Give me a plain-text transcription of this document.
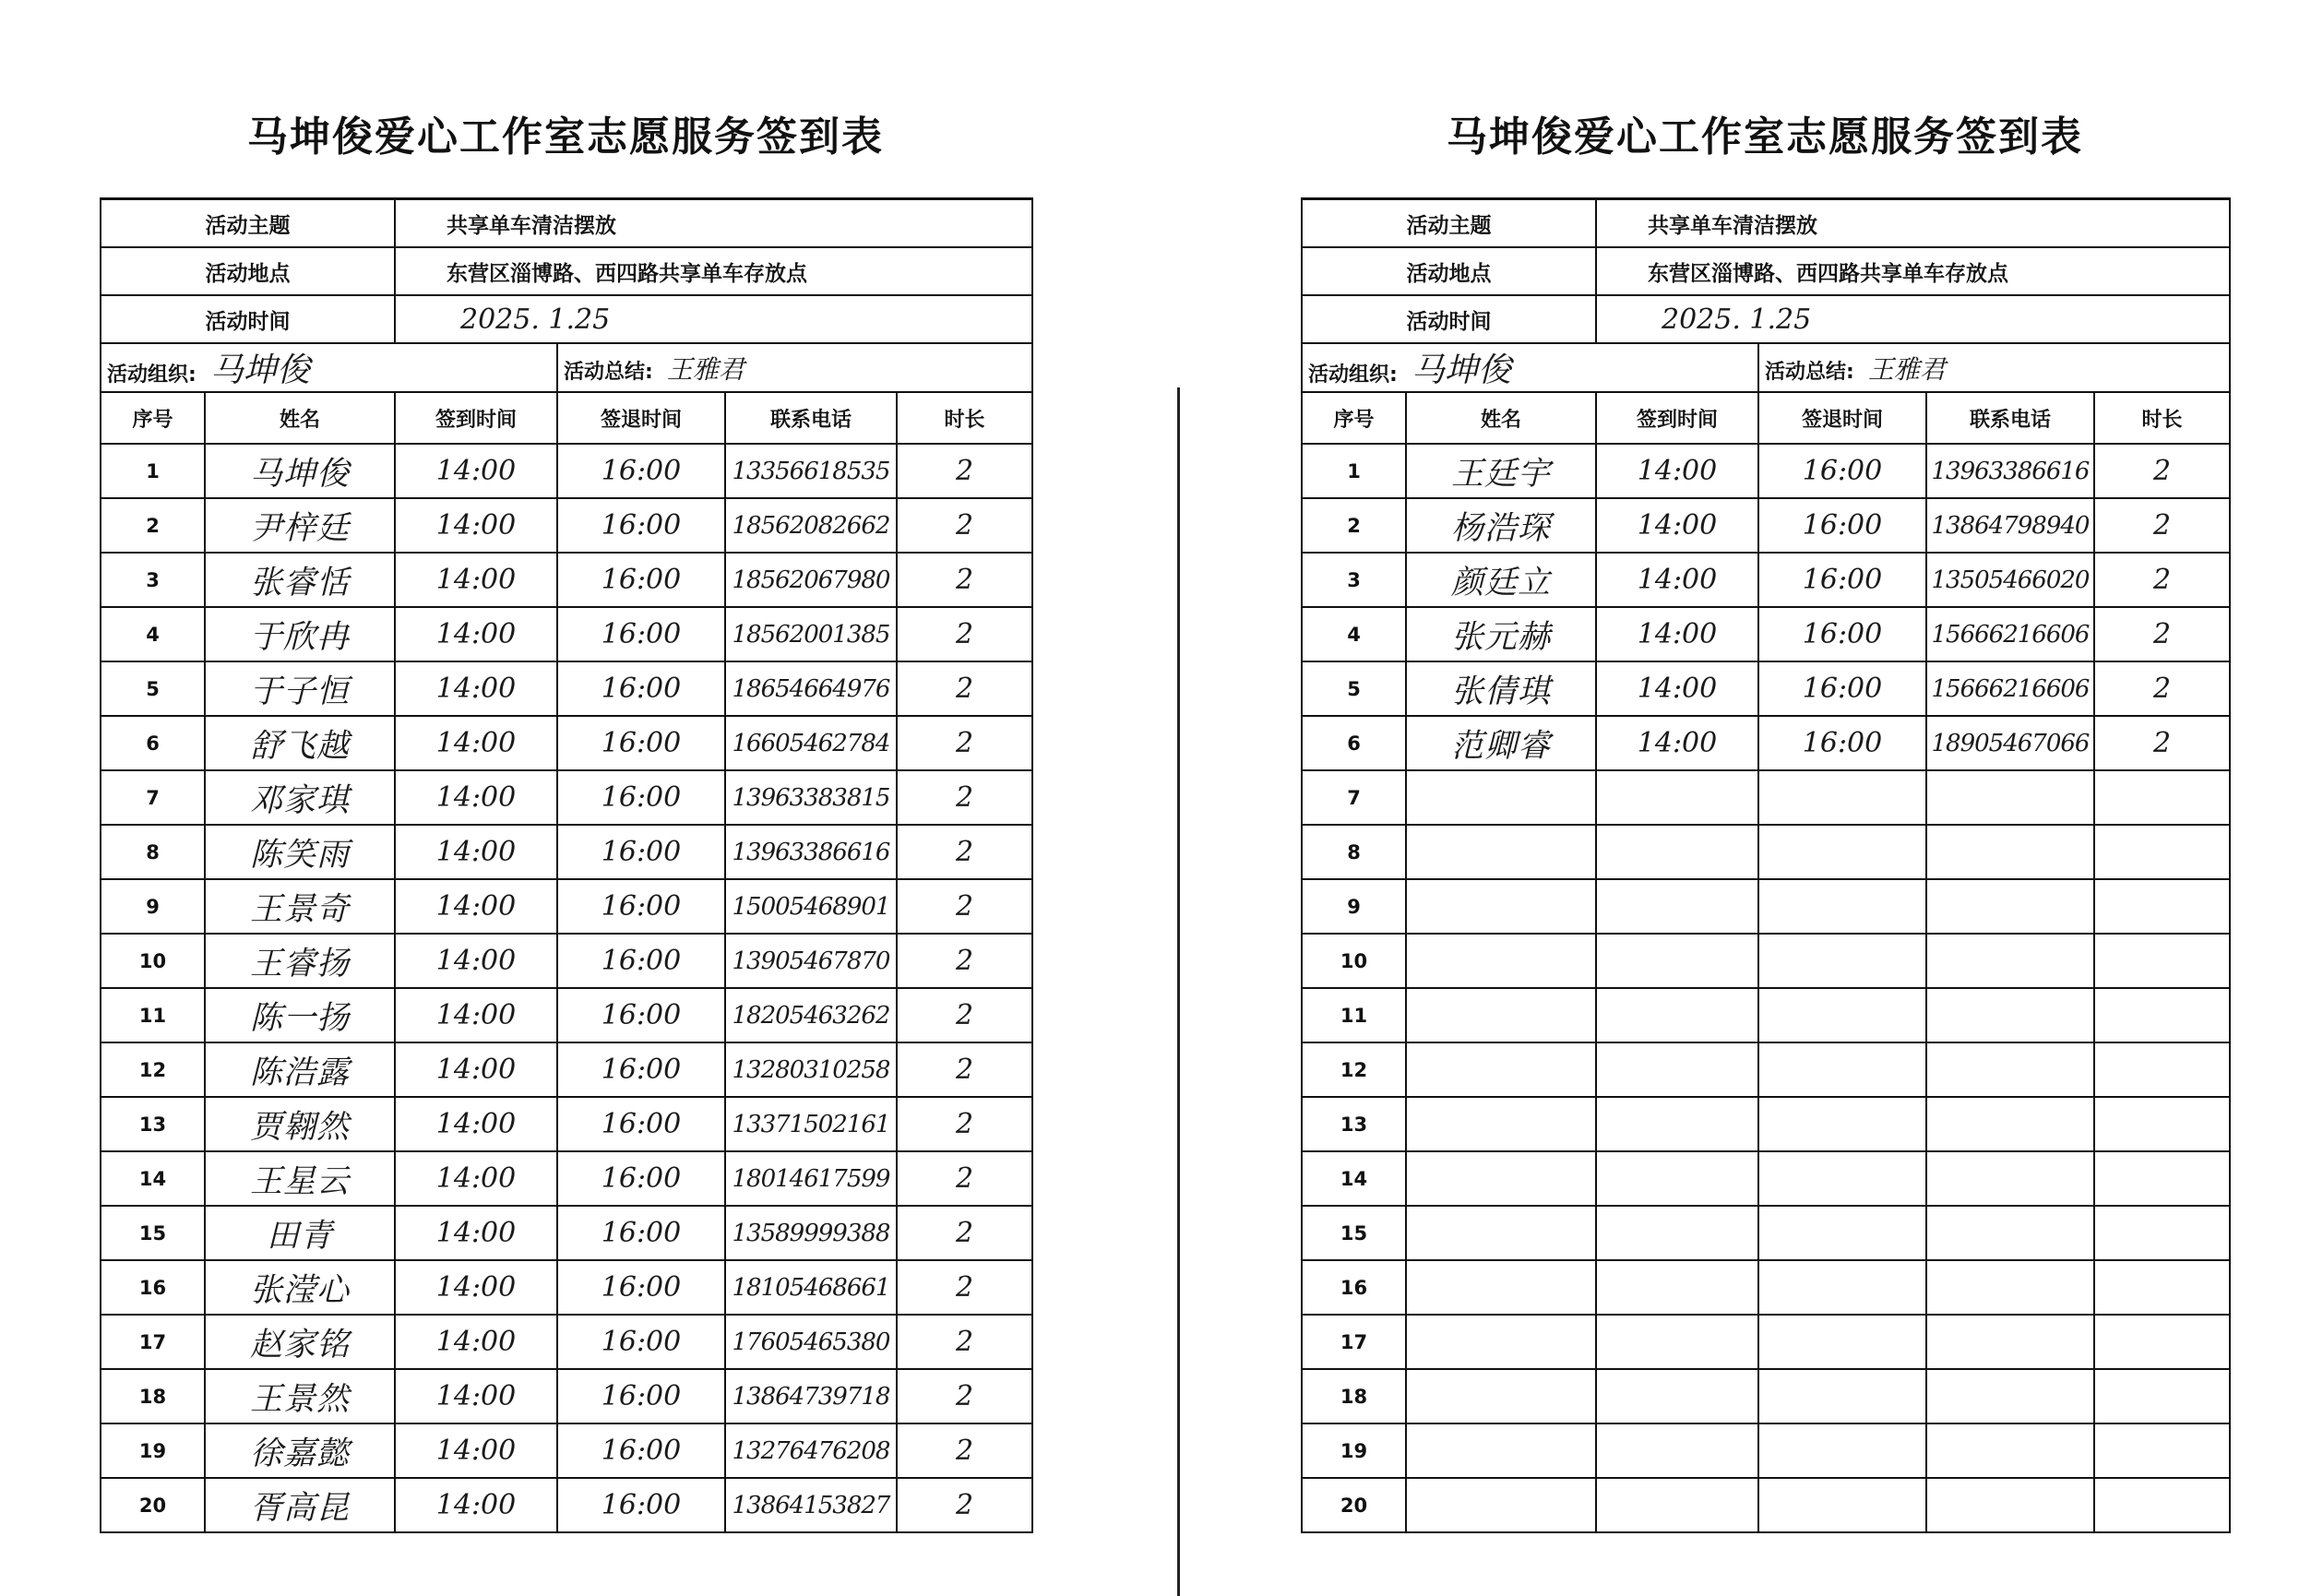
马坤俊爱心工作室志愿服务签到表
活动主题		共享单车清洁摆放			
活动地点		东营区淄博路、西四路共享单车存放点			
活动时间		2025. 1.25			
活动组织: 马坤俊			活动总结: 王雅君		
序号	姓名	签到时间	签退时间	联系电话	时长
1	马坤俊	14:00	16:00	13356618535	2
2	尹梓廷	14:00	16:00	18562082662	2
3	张睿恬	14:00	16:00	18562067980	2
4	于欣冉	14:00	16:00	18562001385	2
5	于子恒	14:00	16:00	18654664976	2
6	舒飞越	14:00	16:00	16605462784	2
7	邓家琪	14:00	16:00	13963383815	2
8	陈笑雨	14:00	16:00	13963386616	2
9	王景奇	14:00	16:00	15005468901	2
10	王睿扬	14:00	16:00	13905467870	2
11	陈一扬	14:00	16:00	18205463262	2
12	陈浩露	14:00	16:00	13280310258	2
13	贾翱然	14:00	16:00	13371502161	2
14	王星云	14:00	16:00	18014617599	2
15	田青	14:00	16:00	13589999388	2
16	张滢心	14:00	16:00	18105468661	2
17	赵家铭	14:00	16:00	17605465380	2
18	王景然	14:00	16:00	13864739718	2
19	徐嘉懿	14:00	16:00	13276476208	2
20	胥高昆	14:00	16:00	13864153827	2
马坤俊爱心工作室志愿服务签到表
活动主题		共享单车清洁摆放			
活动地点		东营区淄博路、西四路共享单车存放点			
活动时间		2025. 1.25			
活动组织: 马坤俊			活动总结: 王雅君		
序号	姓名	签到时间	签退时间	联系电话	时长
1	王廷宇	14:00	16:00	13963386616	2
2	杨浩琛	14:00	16:00	13864798940	2
3	颜廷立	14:00	16:00	13505466020	2
4	张元赫	14:00	16:00	15666216606	2
5	张倩琪	14:00	16:00	15666216606	2
6	范卿睿	14:00	16:00	18905467066	2
7					
8					
9					
10					
11					
12					
13					
14					
15					
16					
17					
18					
19					
20					
